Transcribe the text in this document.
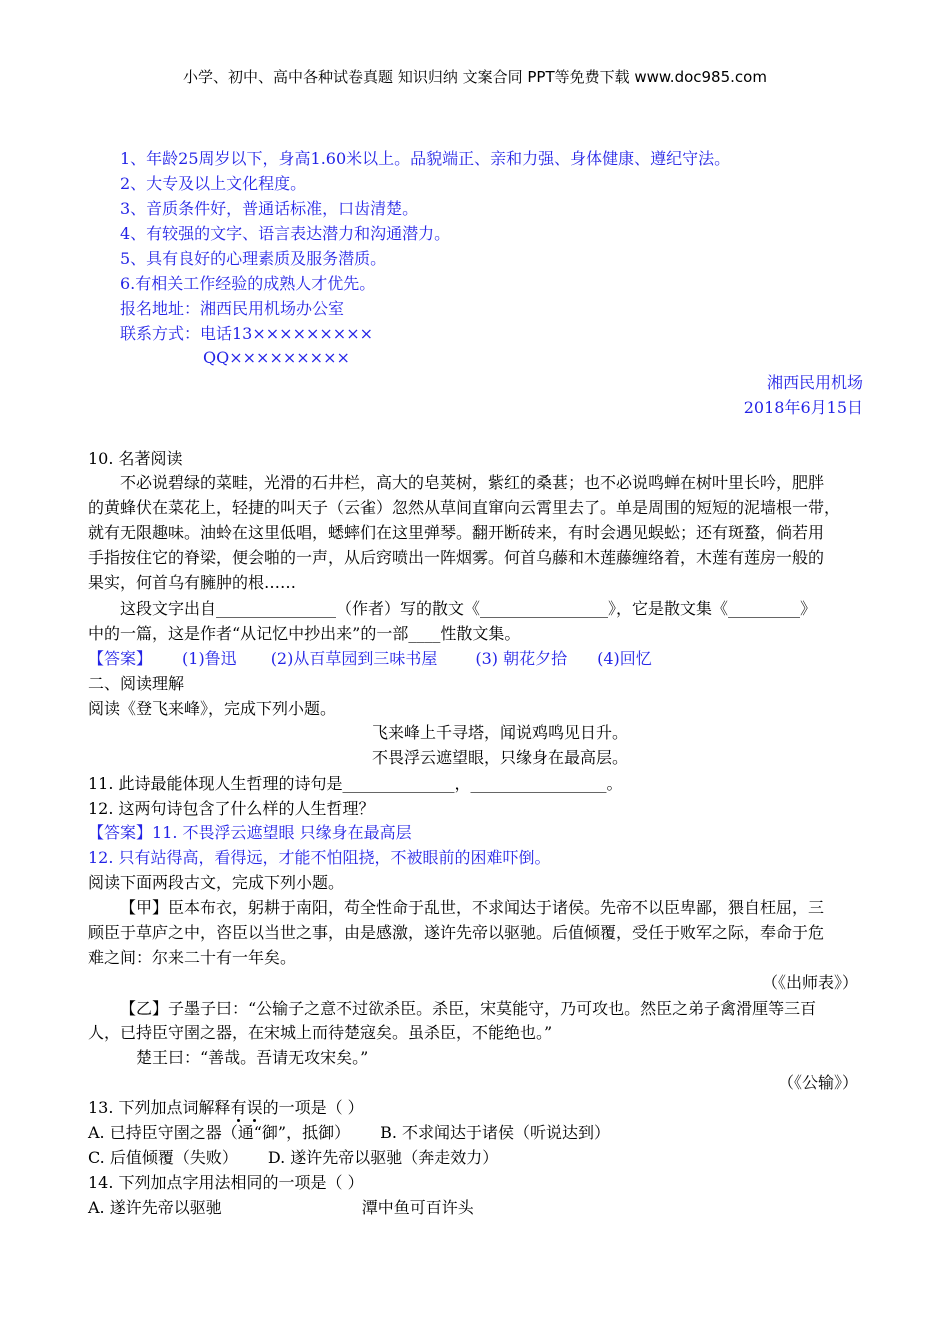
小学、初中、高中各种试卷真题 知识归纳 文案合同 PPT等免费下载 www.doc985.com
1、年龄25周岁以下，身高1.60米以上。品貌端正、亲和力强、身体健康、遵纪守法。
2、大专及以上文化程度。
3、音质条件好，普通话标准，口齿清楚。
4、有较强的文字、语言表达潜力和沟通潜力。
5、具有良好的心理素质及服务潜质。
6.有相关工作经验的成熟人才优先。
报名地址：湘西民用机场办公室
联系方式：电话13×××××××××
QQ×××××××××
湘西民用机场
2018年6月15日
10. 名著阅读
不必说碧绿的菜畦，光滑的石井栏，高大的皂荚树，紫红的桑葚；也不必说鸣蝉在树叶里长吟，肥胖
的黄蜂伏在菜花上，轻捷的叫天子（云雀）忽然从草间直窜向云霄里去了。单是周围的短短的泥墙根一带，
就有无限趣味。油蛉在这里低唱，蟋蟀们在这里弹琴。翻开断砖来，有时会遇见蜈蚣；还有斑蝥，倘若用
手指按住它的脊梁，便会啪的一声，从后窍喷出一阵烟雾。何首乌藤和木莲藤缠络着，木莲有莲房一般的
果实，何首乌有臃肿的根……
这段文字出自_______________（作者）写的散文《________________》，它是散文集《_________》
中的一篇，这是作者“从记忆中抄出来”的一部____性散文集。
【答案】 (1)鲁迅 (2)从百草园到三味书屋 (3) 朝花夕拾 (4)回忆
二、阅读理解
阅读《登飞来峰》，完成下列小题。
飞来峰上千寻塔，闻说鸡鸣见日升。
不畏浮云遮望眼，只缘身在最高层。
11. 此诗最能体现人生哲理的诗句是______________，_________________。
12. 这两句诗包含了什么样的人生哲理？
【答案】11. 不畏浮云遮望眼 只缘身在最高层
12. 只有站得高，看得远，才能不怕阻挠，不被眼前的困难吓倒。
阅读下面两段古文，完成下列小题。
【甲】臣本布衣，躬耕于南阳，苟全性命于乱世，不求闻达于诸侯。先帝不以臣卑鄙，猥自枉屈，三
顾臣于草庐之中，咨臣以当世之事，由是感激，遂许先帝以驱驰。后值倾覆，受任于败军之际，奉命于危
难之间：尔来二十有一年矣。
（《出师表》）
【乙】子墨子曰：“公输子之意不过欲杀臣。杀臣，宋莫能守，乃可攻也。然臣之弟子禽滑厘等三百
人，已持臣守圉之器，在宋城上而待楚寇矣。虽杀臣，不能绝也。”
楚王曰：“善哉。吾请无攻宋矣。”
（《公输》）
13. 下列加点词解释有误的一项是（ ）
A. 已持臣守圉之器（通“御”，抵御） B. 不求闻达于诸侯（听说达到）
C. 后值倾覆（失败） D. 遂许先帝以驱驰（奔走效力）
14. 下列加点字用法相同的一项是（ ）
A. 遂许先帝以驱驰	潭中鱼可百许头
